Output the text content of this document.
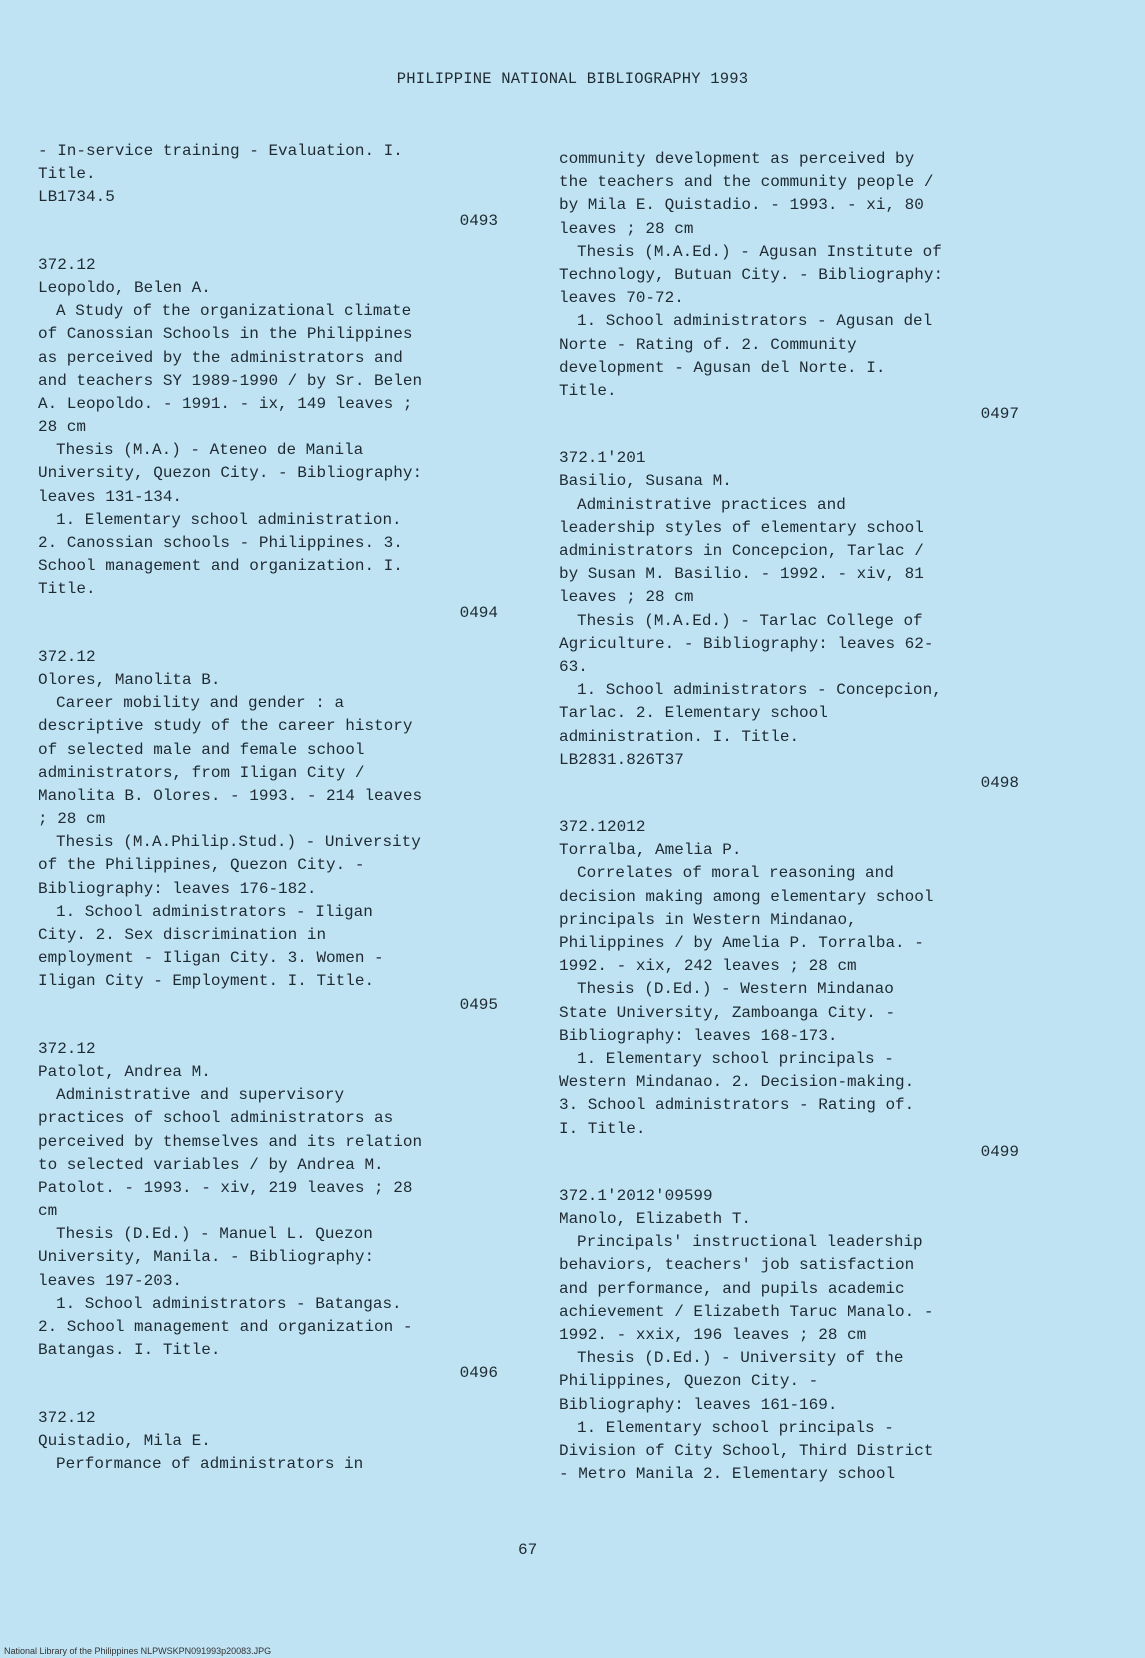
PHILIPPINE NATIONAL BIBLIOGRAPHY 1993
- In-service training - Evaluation. I.
Title.
LB1734.5
0493
372.12
Leopoldo, Belen A.
A Study of the organizational climate
of Canossian Schools in the Philippines
as perceived by the administrators and
and teachers SY 1989-1990 / by Sr. Belen
A. Leopoldo. - 1991. - ix, 149 leaves ;
28 cm
Thesis (M.A.) - Ateneo de Manila
University, Quezon City. - Bibliography:
leaves 131-134.
1. Elementary school administration.
2. Canossian schools - Philippines. 3.
School management and organization. I.
Title.
0494
372.12
Olores, Manolita B.
Career mobility and gender : a
descriptive study of the career history
of selected male and female school
administrators, from Iligan City /
Manolita B. Olores. - 1993. - 214 leaves
; 28 cm
Thesis (M.A.Philip.Stud.) - University
of the Philippines, Quezon City. -
Bibliography: leaves 176-182.
1. School administrators - Iligan
City. 2. Sex discrimination in
employment - Iligan City. 3. Women -
Iligan City - Employment. I. Title.
0495
372.12
Patolot, Andrea M.
Administrative and supervisory
practices of school administrators as
perceived by themselves and its relation
to selected variables / by Andrea M.
Patolot. - 1993. - xiv, 219 leaves ; 28
cm
Thesis (D.Ed.) - Manuel L. Quezon
University, Manila. - Bibliography:
leaves 197-203.
1. School administrators - Batangas.
2. School management and organization -
Batangas. I. Title.
0496
372.12
Quistadio, Mila E.
Performance of administrators in
community development as perceived by
the teachers and the community people /
by Mila E. Quistadio. - 1993. - xi, 80
leaves ; 28 cm
Thesis (M.A.Ed.) - Agusan Institute of
Technology, Butuan City. - Bibliography:
leaves 70-72.
1. School administrators - Agusan del
Norte - Rating of. 2. Community
development - Agusan del Norte. I.
Title.
0497
372.1'201
Basilio, Susana M.
Administrative practices and
leadership styles of elementary school
administrators in Concepcion, Tarlac /
by Susan M. Basilio. - 1992. - xiv, 81
leaves ; 28 cm
Thesis (M.A.Ed.) - Tarlac College of
Agriculture. - Bibliography: leaves 62-
63.
1. School administrators - Concepcion,
Tarlac. 2. Elementary school
administration. I. Title.
LB2831.826T37
0498
372.12012
Torralba, Amelia P.
Correlates of moral reasoning and
decision making among elementary school
principals in Western Mindanao,
Philippines / by Amelia P. Torralba. -
1992. - xix, 242 leaves ; 28 cm
Thesis (D.Ed.) - Western Mindanao
State University, Zamboanga City. -
Bibliography: leaves 168-173.
1. Elementary school principals -
Western Mindanao. 2. Decision-making.
3. School administrators - Rating of.
I. Title.
0499
372.1'2012'09599
Manolo, Elizabeth T.
Principals' instructional leadership
behaviors, teachers' job satisfaction
and performance, and pupils academic
achievement / Elizabeth Taruc Manalo. -
1992. - xxix, 196 leaves ; 28 cm
Thesis (D.Ed.) - University of the
Philippines, Quezon City. -
Bibliography: leaves 161-169.
1. Elementary school principals -
Division of City School, Third District
- Metro Manila 2. Elementary school
67
National Library of the Philippines NLPWSKPN091993p20083.JPG
